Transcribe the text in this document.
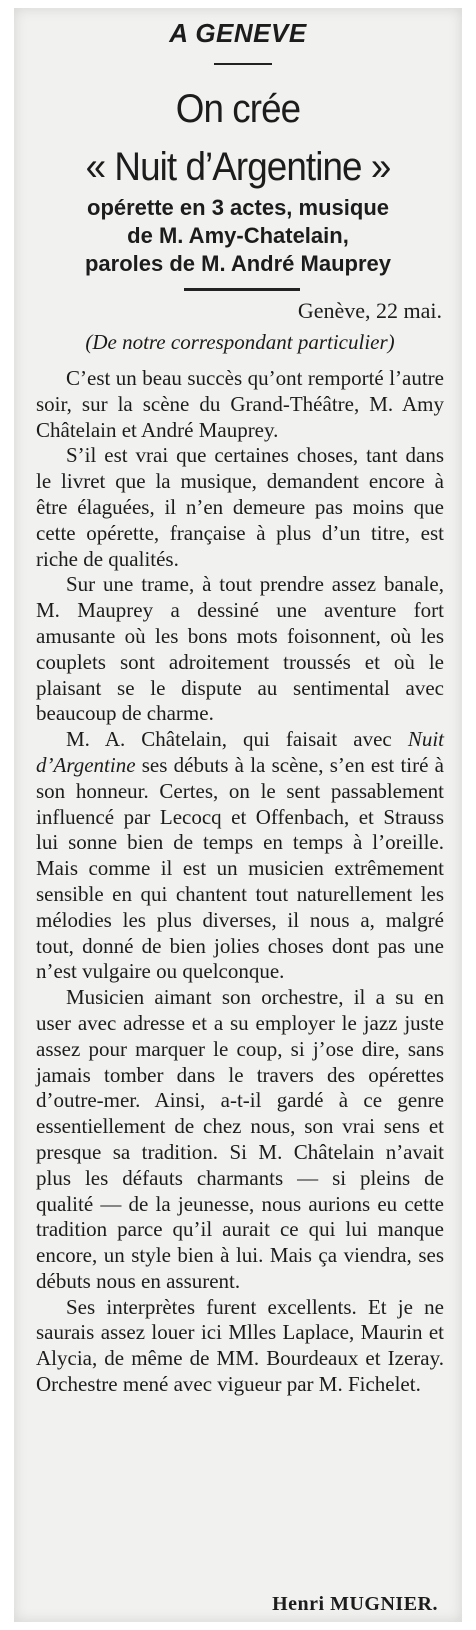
A GENEVE
On crée
« Nuit d’Argentine »
opérette en 3 actes, musique
de M. Amy-Chatelain,
paroles de M. André Mauprey
Genève, 22 mai.
(De notre correspondant particulier)

C’est un beau succès qu’ont remporté l’autre soir, sur la scène du Grand-Théâtre, M. Amy Châtelain et André Mauprey.

S’il est vrai que certaines choses, tant dans le livret que la musique, demandent encore à être élaguées, il n’en demeure pas moins que cette opérette, française à plus d’un titre, est riche de qualités.

Sur une trame, à tout prendre assez banale, M. Mauprey a dessiné une aventure fort amusante où les bons mots foisonnent, où les couplets sont adroitement troussés et où le plaisant se le dispute au sentimental avec beaucoup de charme.

M. A. Châtelain, qui faisait avec Nuit d’Argentine ses débuts à la scène, s’en est tiré à son honneur. Certes, on le sent passablement influencé par Lecocq et Offenbach, et Strauss lui sonne bien de temps en temps à l’oreille. Mais comme il est un musicien extrêmement sensible en qui chantent tout naturellement les mélodies les plus diverses, il nous a, malgré tout, donné de bien jolies choses dont pas une n’est vulgaire ou quelconque.

Musicien aimant son orchestre, il a su en user avec adresse et a su employer le jazz juste assez pour marquer le coup, si j’ose dire, sans jamais tomber dans le travers des opérettes d’outre-mer. Ainsi, a-t-il gardé à ce genre essentiellement de chez nous, son vrai sens et presque sa tradition. Si M. Châtelain n’avait plus les défauts charmants — si pleins de qualité — de la jeunesse, nous aurions eu cette tradition parce qu’il aurait ce qui lui manque encore, un style bien à lui. Mais ça viendra, ses débuts nous en assurent.

Ses interprètes furent excellents. Et je ne saurais assez louer ici Mlles Laplace, Maurin et Alycia, de même de MM. Bourdeaux et Izeray. Orchestre mené avec vigueur par M. Fichelet.

Henri MUGNIER.
